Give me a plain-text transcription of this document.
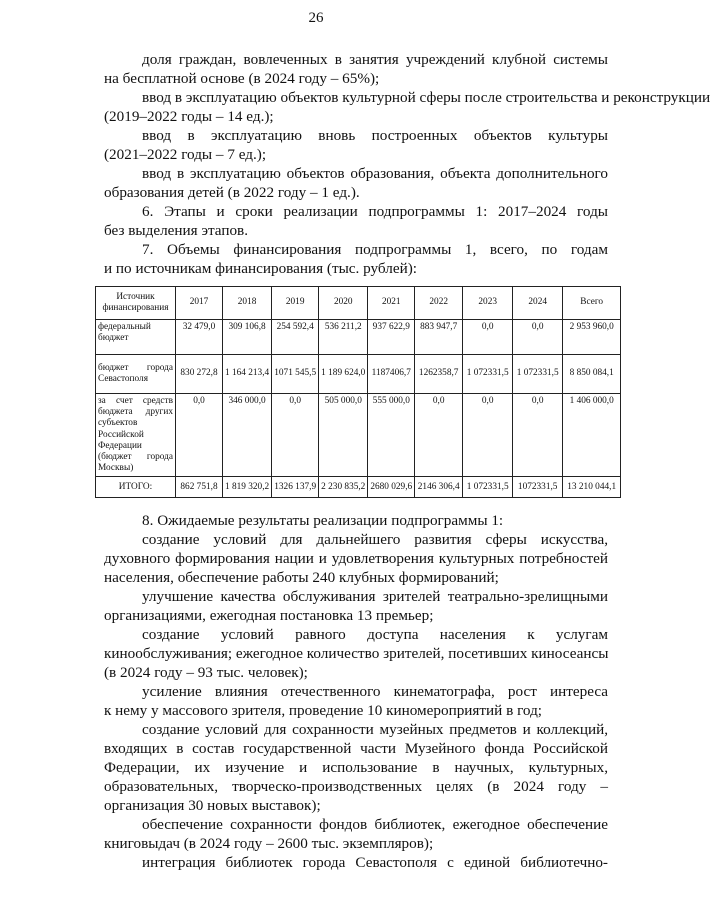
26
доля граждан, вовлеченных в занятия учреждений клубной системы
на бесплатной основе (в 2024 году – 65%);
ввод в эксплуатацию объектов культурной сферы после строительства и реконструкции
(2019–2022 годы – 14 ед.);
ввод в эксплуатацию вновь построенных объектов культуры
(2021–2022 годы – 7 ед.);
ввод в эксплуатацию объектов образования, объекта дополнительного
образования детей (в 2022 году – 1 ед.).
6. Этапы и сроки реализации подпрограммы 1: 2017–2024 годы
без выделения этапов.
7. Объемы финансирования подпрограммы 1, всего, по годам
и по источникам финансирования (тыс. рублей):
Источник финансирования	2017	2018	2019	2020	2021	2022	2023	2024	Всего
федеральный бюджет	32 479,0	309 106,8	254 592,4	536 211,2	937 622,9	883 947,7	0,0	0,0	2 953 960,0
бюджет города Севастополя	830 272,8	1 164 213,4	1071 545,5	1 189 624,0	1187406,7	1262358,7	1 072331,5	1 072331,5	8 850 084,1
за счет средств бюджета других субъектов Российской Федерации (бюджет города Москвы)	0,0	346 000,0	0,0	505 000,0	555 000,0	0,0	0,0	0,0	1 406 000,0
ИТОГО:	862 751,8	1 819 320,2	1326 137,9	2 230 835,2	2680 029,6	2146 306,4	1 072331,5	1072331,5	13 210 044,1
8. Ожидаемые результаты реализации подпрограммы 1:
создание условий для дальнейшего развития сферы искусства,
духовного формирования нации и удовлетворения культурных потребностей
населения, обеспечение работы 240 клубных формирований;
улучшение качества обслуживания зрителей театрально-зрелищными
организациями, ежегодная постановка 13 премьер;
создание условий равного доступа населения к услугам
кинообслуживания; ежегодное количество зрителей, посетивших киносеансы
(в 2024 году – 93 тыс. человек);
усиление влияния отечественного кинематографа, рост интереса
к нему у массового зрителя, проведение 10 киномероприятий в год;
создание условий для сохранности музейных предметов и коллекций,
входящих в состав государственной части Музейного фонда Российской
Федерации, их изучение и использование в научных, культурных,
образовательных, творческо-производственных целях (в 2024 году –
организация 30 новых выставок);
обеспечение сохранности фондов библиотек, ежегодное обеспечение
книговыдач (в 2024 году – 2600 тыс. экземпляров);
интеграция библиотек города Севастополя с единой библиотечно-
